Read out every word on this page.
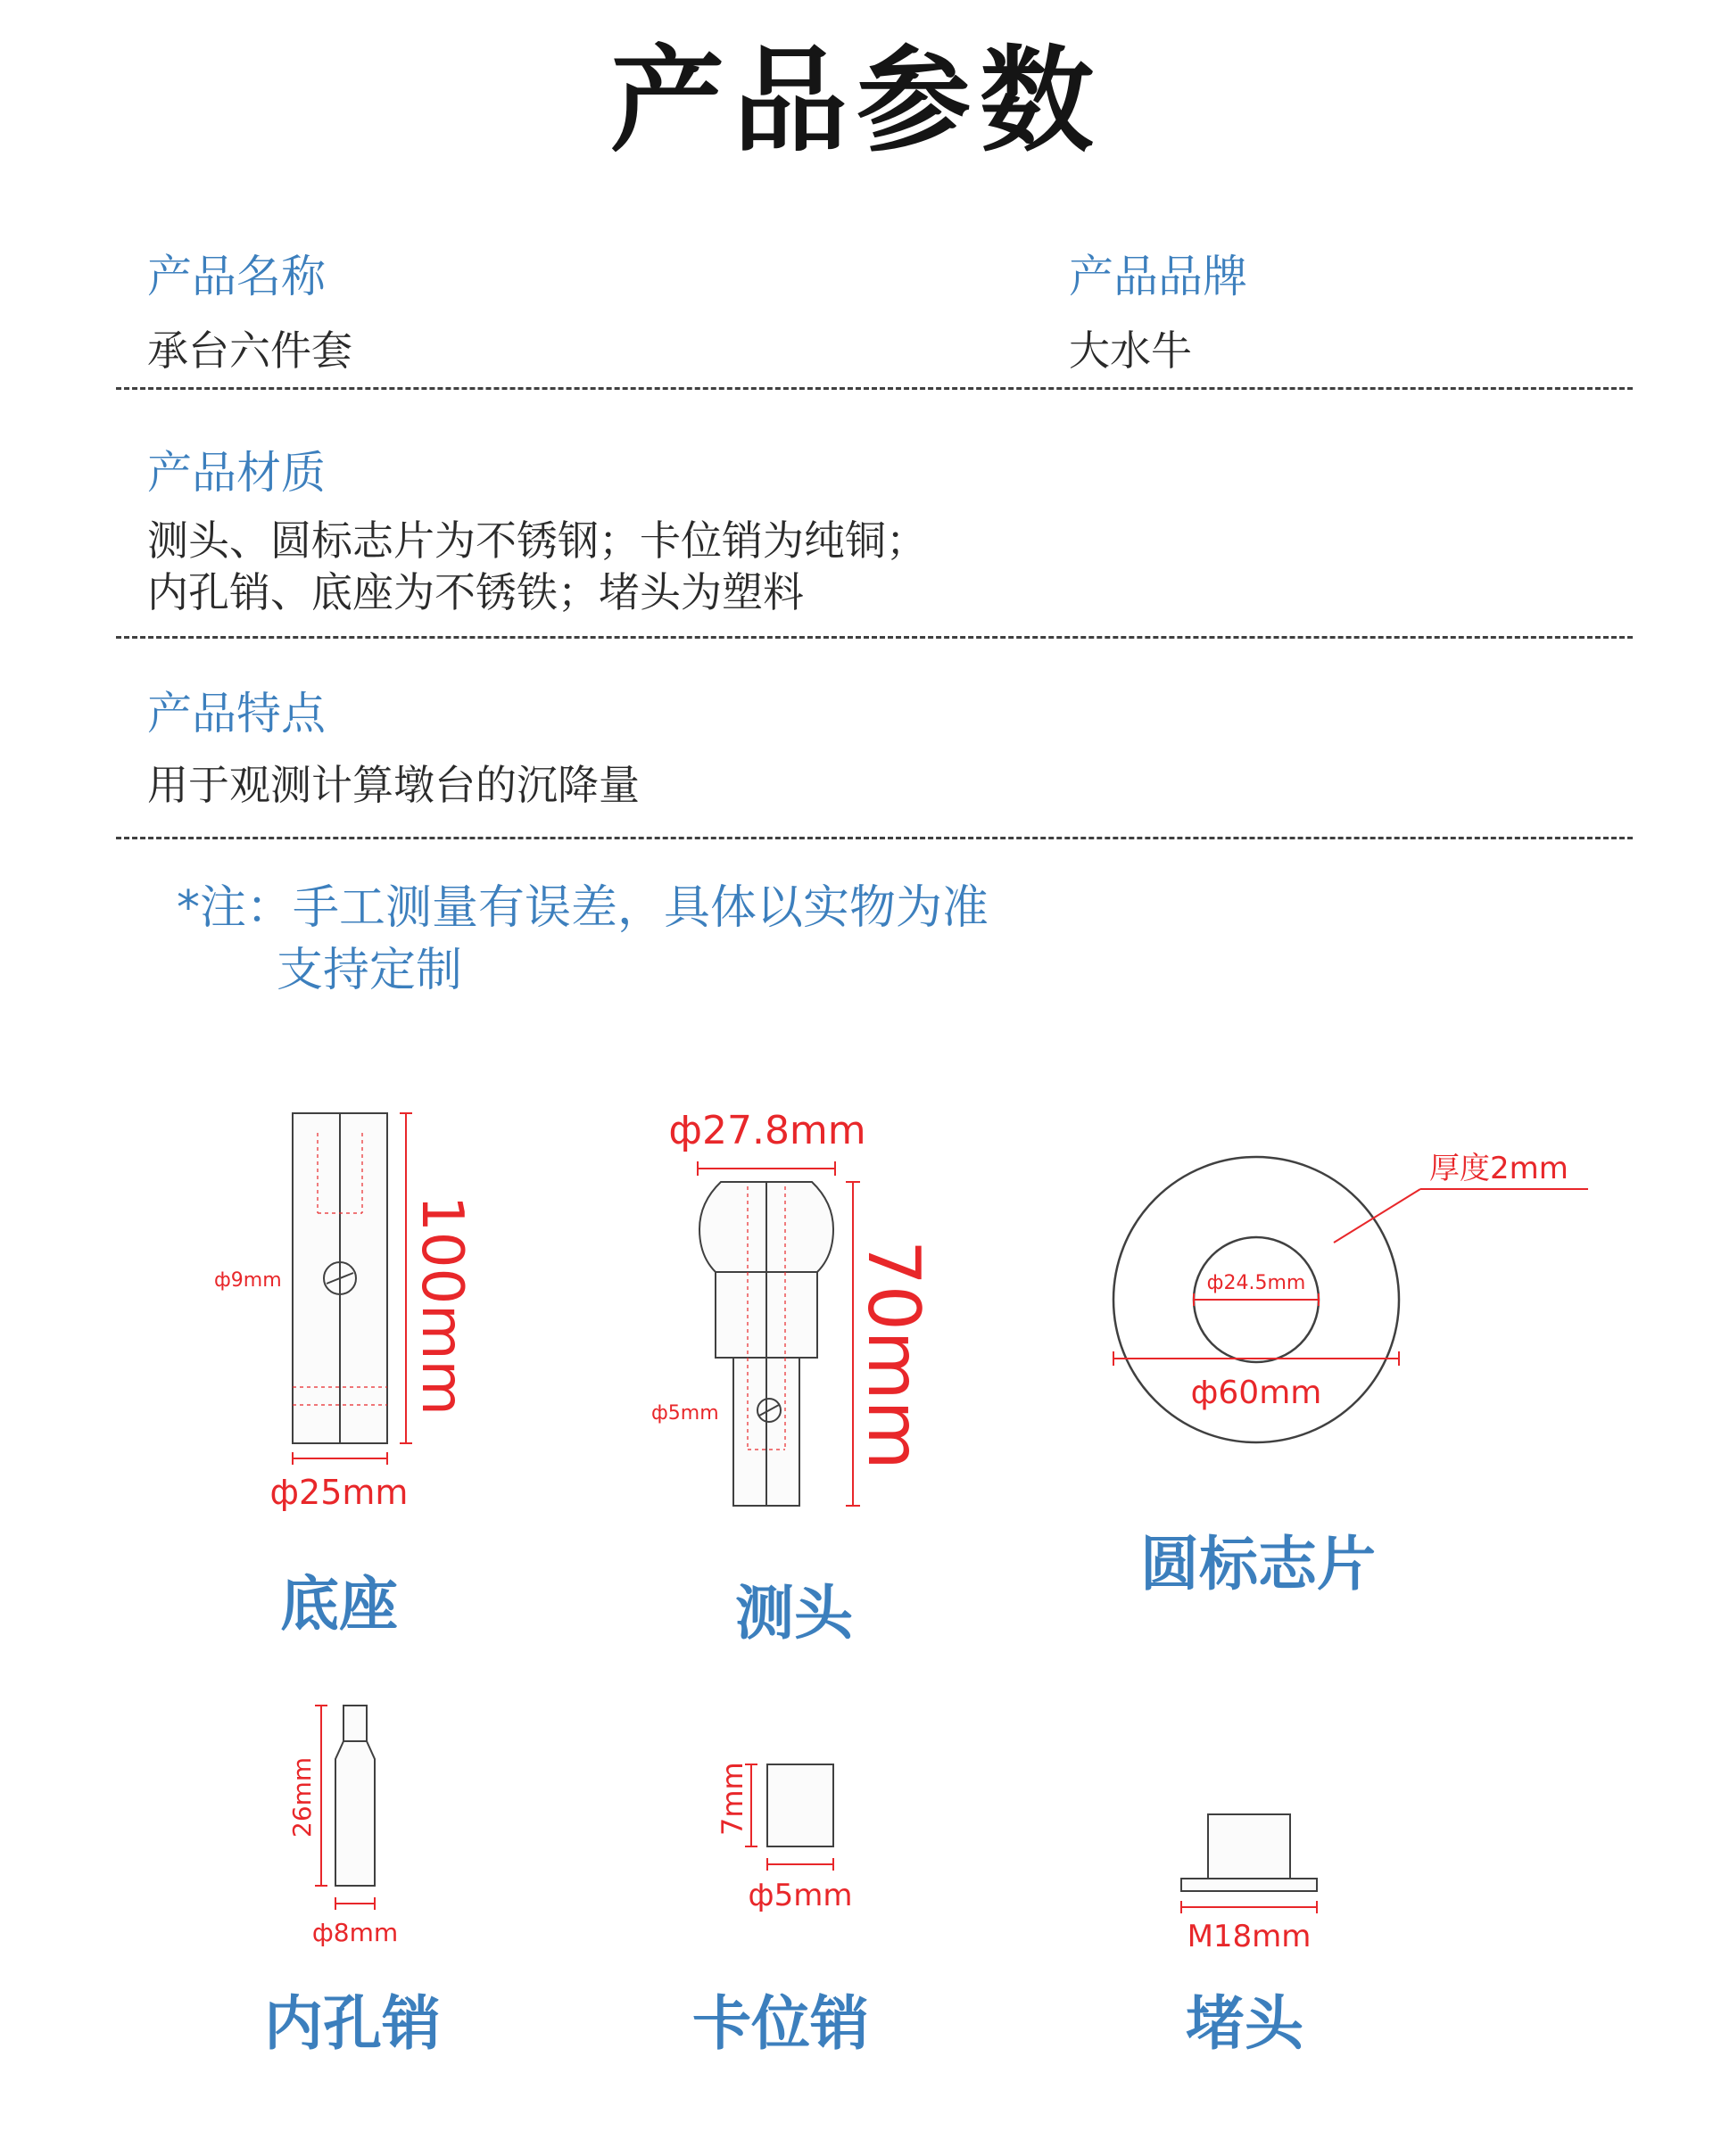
产品参数
产品名称
承台六件套
产品品牌
大水牛
产品材质
测头、圆标志片为不锈钢；卡位销为纯铜；
内孔销、底座为不锈铁；堵头为塑料
产品特点
用于观测计算墩台的沉降量
*注：手工测量有误差，具体以实物为准
支持定制
100mm
ф25mm
ф9mm
底座
ф27.8mm
70mm
ф5mm
测头
ф24.5mm
ф60mm
厚度2mm
圆标志片
26mm
ф8mm
内孔销
7mm
ф5mm
卡位销
M18mm
堵头
